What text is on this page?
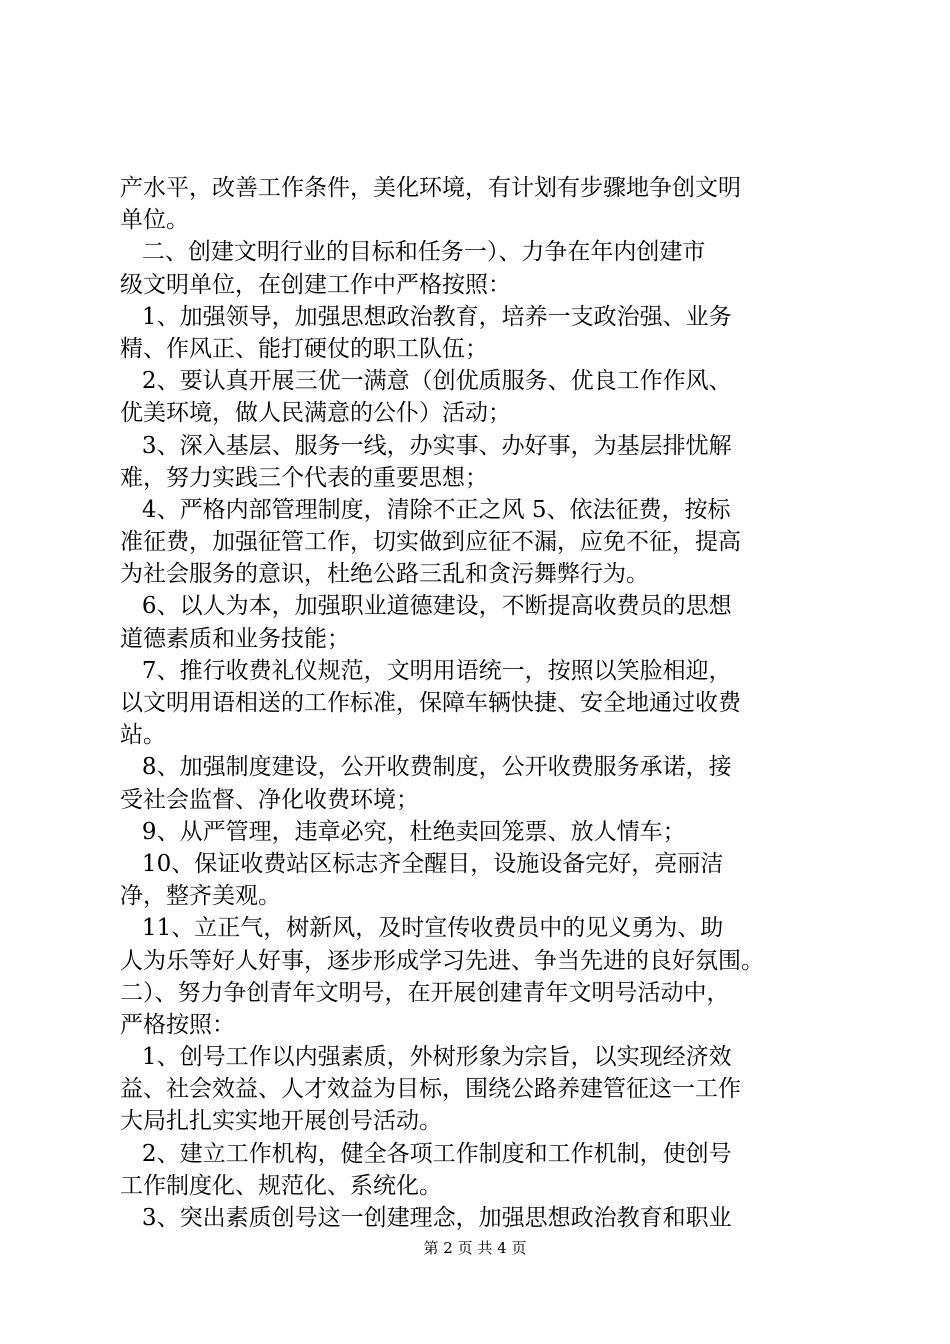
产水平，改善工作条件，美化环境，有计划有步骤地争创文明
单位。
二、创建文明行业的目标和任务一）、力争在年内创建市
级文明单位，在创建工作中严格按照：
1、加强领导，加强思想政治教育，培养一支政治强、业务
精、作风正、能打硬仗的职工队伍；
2、要认真开展三优一满意（创优质服务、优良工作作风、
优美环境，做人民满意的公仆）活动；
3、深入基层、服务一线，办实事、办好事，为基层排忧解
难，努力实践三个代表的重要思想；
4、严格内部管理制度，清除不正之风 5、依法征费，按标
准征费，加强征管工作，切实做到应征不漏，应免不征，提高
为社会服务的意识，杜绝公路三乱和贪污舞弊行为。
6、以人为本，加强职业道德建设，不断提高收费员的思想
道德素质和业务技能；
7、推行收费礼仪规范，文明用语统一，按照以笑脸相迎，
以文明用语相送的工作标准，保障车辆快捷、安全地通过收费
站。
8、加强制度建设，公开收费制度，公开收费服务承诺，接
受社会监督、净化收费环境；
9、从严管理，违章必究，杜绝卖回笼票、放人情车；
10、保证收费站区标志齐全醒目，设施设备完好，亮丽洁
净，整齐美观。
11、立正气，树新风，及时宣传收费员中的见义勇为、助
人为乐等好人好事，逐步形成学习先进、争当先进的良好氛围。
二）、努力争创青年文明号，在开展创建青年文明号活动中，
严格按照：
1、创号工作以内强素质，外树形象为宗旨，以实现经济效
益、社会效益、人才效益为目标，围绕公路养建管征这一工作
大局扎扎实实地开展创号活动。
2、建立工作机构，健全各项工作制度和工作机制，使创号
工作制度化、规范化、系统化。
3、突出素质创号这一创建理念，加强思想政治教育和职业
第 2 页 共 4 页
